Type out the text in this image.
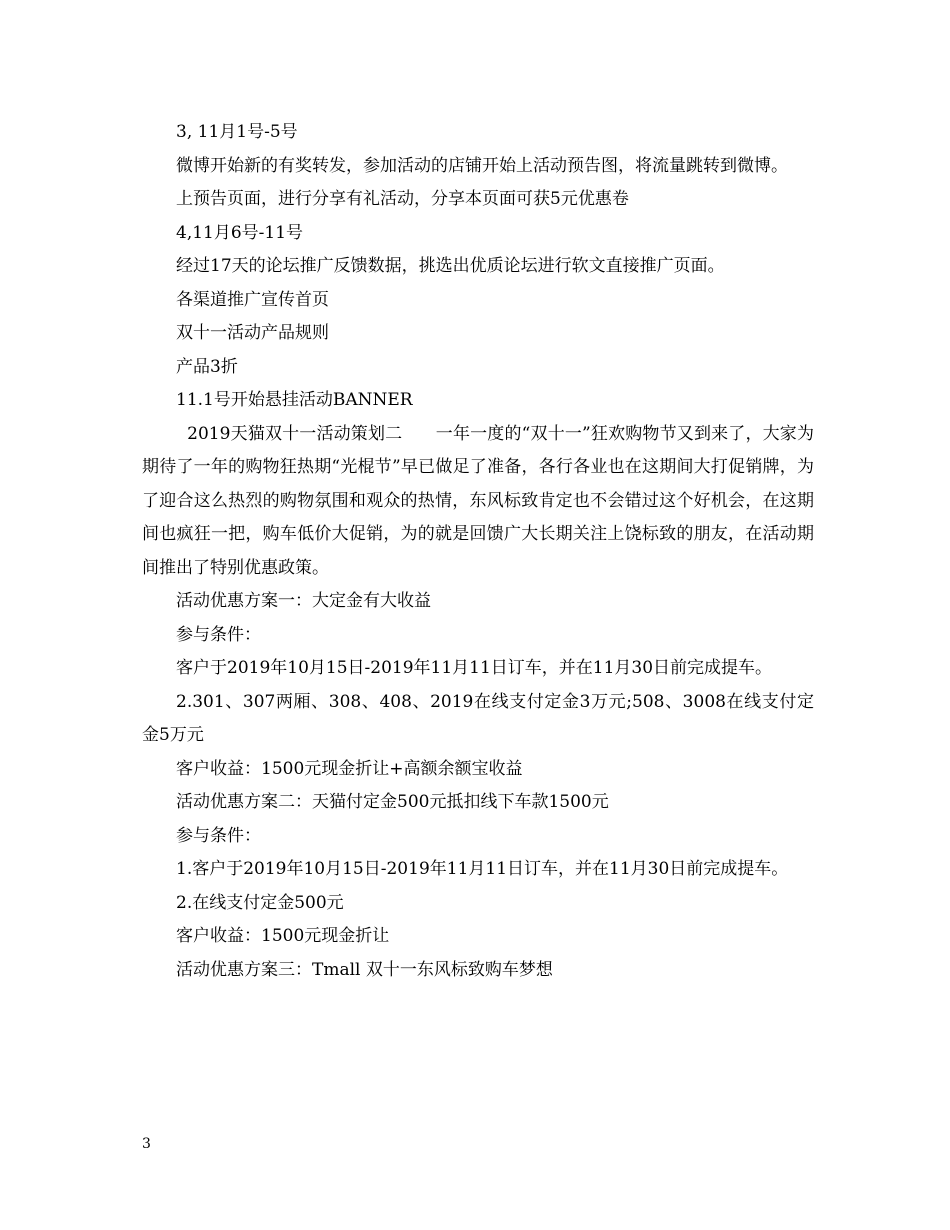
3, 11月1号-5号

微博开始新的有奖转发，参加活动的店铺开始上活动预告图，将流量跳转到微博。

上预告页面，进行分享有礼活动，分享本页面可获5元优惠卷

4,11月6号-11号

经过17天的论坛推广反馈数据，挑选出优质论坛进行软文直接推广页面。

各渠道推广宣传首页

双十一活动产品规则

产品3折

11.1号开始悬挂活动BANNER

2019天猫双十一活动策划二      一年一度的“双十一”狂欢购物节又到来了，大家为期待了一年的购物狂热期“光棍节”早已做足了准备，各行各业也在这期间大打促销牌，为了迎合这么热烈的购物氛围和观众的热情，东风标致肯定也不会错过这个好机会，在这期间也疯狂一把，购车低价大促销，为的就是回馈广大长期关注上饶标致的朋友，在活动期间推出了特别优惠政策。

活动优惠方案一：大定金有大收益

参与条件：

客户于2019年10月15日-2019年11月11日订车，并在11月30日前完成提车。

2.301、307两厢、308、408、2019在线支付定金3万元;508、3008在线支付定金5万元

客户收益：1500元现金折让+高额余额宝收益

活动优惠方案二：天猫付定金500元抵扣线下车款1500元

参与条件：

1.客户于2019年10月15日-2019年11月11日订车，并在11月30日前完成提车。

2.在线支付定金500元

客户收益：1500元现金折让

活动优惠方案三：Tmall 双十一东风标致购车梦想

3
